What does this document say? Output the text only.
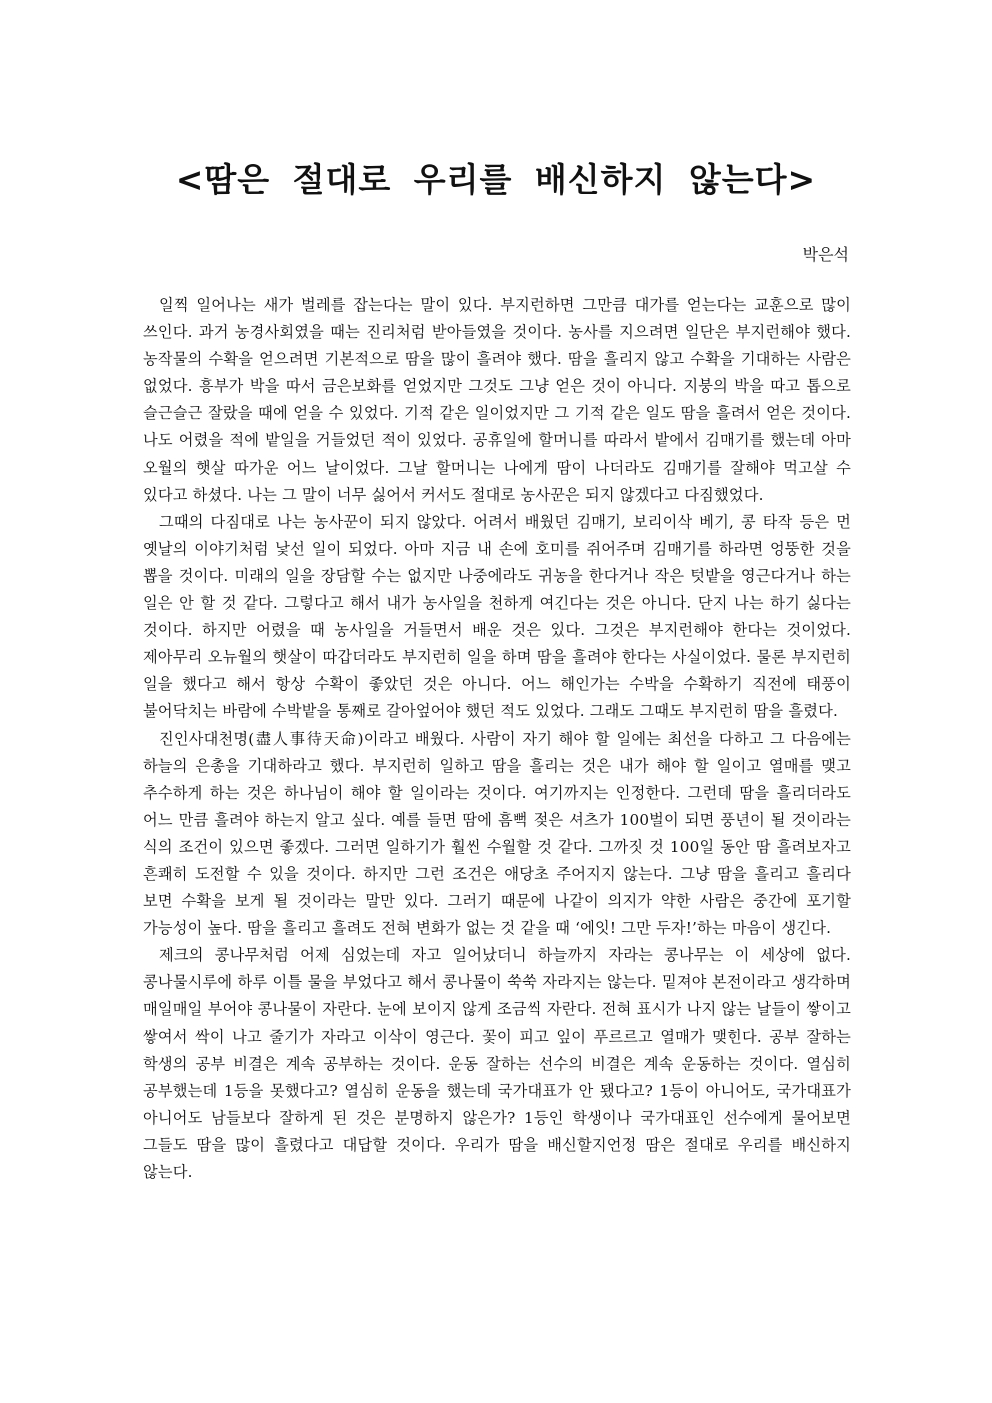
<땀은 절대로 우리를 배신하지 않는다>

박은석

일찍 일어나는 새가 벌레를 잡는다는 말이 있다. 부지런하면 그만큼 대가를 얻는다는 교훈으로 많이 쓰인다. 과거 농경사회였을 때는 진리처럼 받아들였을 것이다. 농사를 지으려면 일단은 부지런해야 했다. 농작물의 수확을 얻으려면 기본적으로 땀을 많이 흘려야 했다. 땀을 흘리지 않고 수확을 기대하는 사람은 없었다. 흥부가 박을 따서 금은보화를 얻었지만 그것도 그냥 얻은 것이 아니다. 지붕의 박을 따고 톱으로 슬근슬근 잘랐을 때에 얻을 수 있었다. 기적 같은 일이었지만 그 기적 같은 일도 땀을 흘려서 얻은 것이다. 나도 어렸을 적에 밭일을 거들었던 적이 있었다. 공휴일에 할머니를 따라서 밭에서 김매기를 했는데 아마 오월의 햇살 따가운 어느 날이었다. 그날 할머니는 나에게 땀이 나더라도 김매기를 잘해야 먹고살 수 있다고 하셨다. 나는 그 말이 너무 싫어서 커서도 절대로 농사꾼은 되지 않겠다고 다짐했었다.

그때의 다짐대로 나는 농사꾼이 되지 않았다. 어려서 배웠던 김매기, 보리이삭 베기, 콩 타작 등은 먼 옛날의 이야기처럼 낯선 일이 되었다. 아마 지금 내 손에 호미를 쥐어주며 김매기를 하라면 엉뚱한 것을 뽑을 것이다. 미래의 일을 장담할 수는 없지만 나중에라도 귀농을 한다거나 작은 텃밭을 영근다거나 하는 일은 안 할 것 같다. 그렇다고 해서 내가 농사일을 천하게 여긴다는 것은 아니다. 단지 나는 하기 싫다는 것이다. 하지만 어렸을 때 농사일을 거들면서 배운 것은 있다. 그것은 부지런해야 한다는 것이었다. 제아무리 오뉴월의 햇살이 따갑더라도 부지런히 일을 하며 땀을 흘려야 한다는 사실이었다. 물론 부지런히 일을 했다고 해서 항상 수확이 좋았던 것은 아니다. 어느 해인가는 수박을 수확하기 직전에 태풍이 불어닥치는 바람에 수박밭을 통째로 갈아엎어야 했던 적도 있었다. 그래도 그때도 부지런히 땀을 흘렸다.

진인사대천명(盡人事待天命)이라고 배웠다. 사람이 자기 해야 할 일에는 최선을 다하고 그 다음에는 하늘의 은총을 기대하라고 했다. 부지런히 일하고 땀을 흘리는 것은 내가 해야 할 일이고 열매를 맺고 추수하게 하는 것은 하나님이 해야 할 일이라는 것이다. 여기까지는 인정한다. 그런데 땀을 흘리더라도 어느 만큼 흘려야 하는지 알고 싶다. 예를 들면 땀에 흠뻑 젖은 셔츠가 100벌이 되면 풍년이 될 것이라는 식의 조건이 있으면 좋겠다. 그러면 일하기가 훨씬 수월할 것 같다. 그까짓 것 100일 동안 땀 흘려보자고 흔쾌히 도전할 수 있을 것이다. 하지만 그런 조건은 애당초 주어지지 않는다. 그냥 땀을 흘리고 흘리다 보면 수확을 보게 될 것이라는 말만 있다. 그러기 때문에 나같이 의지가 약한 사람은 중간에 포기할 가능성이 높다. 땀을 흘리고 흘려도 전혀 변화가 없는 것 같을 때 ‘에잇! 그만 두자!’하는 마음이 생긴다.

제크의 콩나무처럼 어제 심었는데 자고 일어났더니 하늘까지 자라는 콩나무는 이 세상에 없다. 콩나물시루에 하루 이틀 물을 부었다고 해서 콩나물이 쑥쑥 자라지는 않는다. 밑져야 본전이라고 생각하며 매일매일 부어야 콩나물이 자란다. 눈에 보이지 않게 조금씩 자란다. 전혀 표시가 나지 않는 날들이 쌓이고 쌓여서 싹이 나고 줄기가 자라고 이삭이 영근다. 꽃이 피고 잎이 푸르르고 열매가 맺힌다. 공부 잘하는 학생의 공부 비결은 계속 공부하는 것이다. 운동 잘하는 선수의 비결은 계속 운동하는 것이다. 열심히 공부했는데 1등을 못했다고? 열심히 운동을 했는데 국가대표가 안 됐다고? 1등이 아니어도, 국가대표가 아니어도 남들보다 잘하게 된 것은 분명하지 않은가? 1등인 학생이나 국가대표인 선수에게 물어보면 그들도 땀을 많이 흘렸다고 대답할 것이다. 우리가 땀을 배신할지언정 땀은 절대로 우리를 배신하지 않는다.
